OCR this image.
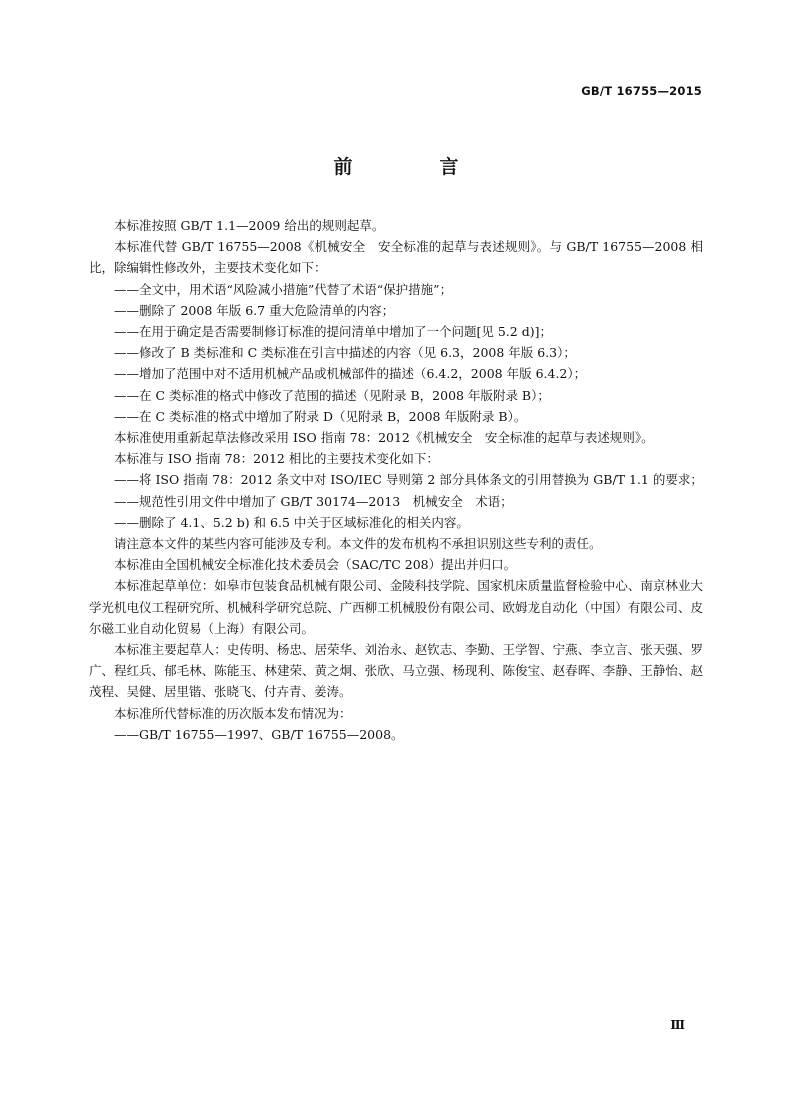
GB/T 16755—2015
前　言

本标准按照 GB/T 1.1—2009 给出的规则起草。

本标准代替 GB/T 16755—2008《机械安全　安全标准的起草与表述规则》。与 GB/T 16755—2008 相比，除编辑性修改外，主要技术变化如下：

——全文中，用术语“风险减小措施”代替了术语“保护措施”；

——删除了 2008 年版 6.7 重大危险清单的内容；

——在用于确定是否需要制修订标准的提问清单中增加了一个问题[见 5.2 d)]；

——修改了 B 类标准和 C 类标准在引言中描述的内容（见 6.3，2008 年版 6.3）；

——增加了范围中对不适用机械产品或机械部件的描述（6.4.2，2008 年版 6.4.2）；

——在 C 类标准的格式中修改了范围的描述（见附录 B，2008 年版附录 B）；

——在 C 类标准的格式中增加了附录 D（见附录 B，2008 年版附录 B）。

本标准使用重新起草法修改采用 ISO 指南 78：2012《机械安全　安全标准的起草与表述规则》。

本标准与 ISO 指南 78：2012 相比的主要技术变化如下：

——将 ISO 指南 78：2012 条文中对 ISO/IEC 导则第 2 部分具体条文的引用替换为 GB/T 1.1 的要求；

——规范性引用文件中增加了 GB/T 30174—2013　机械安全　术语；

——删除了 4.1、5.2 b) 和 6.5 中关于区域标准化的相关内容。

请注意本文件的某些内容可能涉及专利。本文件的发布机构不承担识别这些专利的责任。

本标准由全国机械安全标准化技术委员会（SAC/TC 208）提出并归口。

本标准起草单位：如皋市包装食品机械有限公司、金陵科技学院、国家机床质量监督检验中心、南京林业大学光机电仪工程研究所、机械科学研究总院、广西柳工机械股份有限公司、欧姆龙自动化（中国）有限公司、皮尔磁工业自动化贸易（上海）有限公司。

本标准主要起草人：史传明、杨忠、居荣华、刘治永、赵钦志、李勤、王学智、宁燕、李立言、张天强、罗广、程红兵、郁毛林、陈能玉、林建荣、黄之炯、张欣、马立强、杨现利、陈俊宝、赵春晖、李静、王静怡、赵茂程、吴健、居里锴、张晓飞、付卉青、姜涛。

本标准所代替标准的历次版本发布情况为：

——GB/T 16755—1997、GB/T 16755—2008。

Ⅲ
